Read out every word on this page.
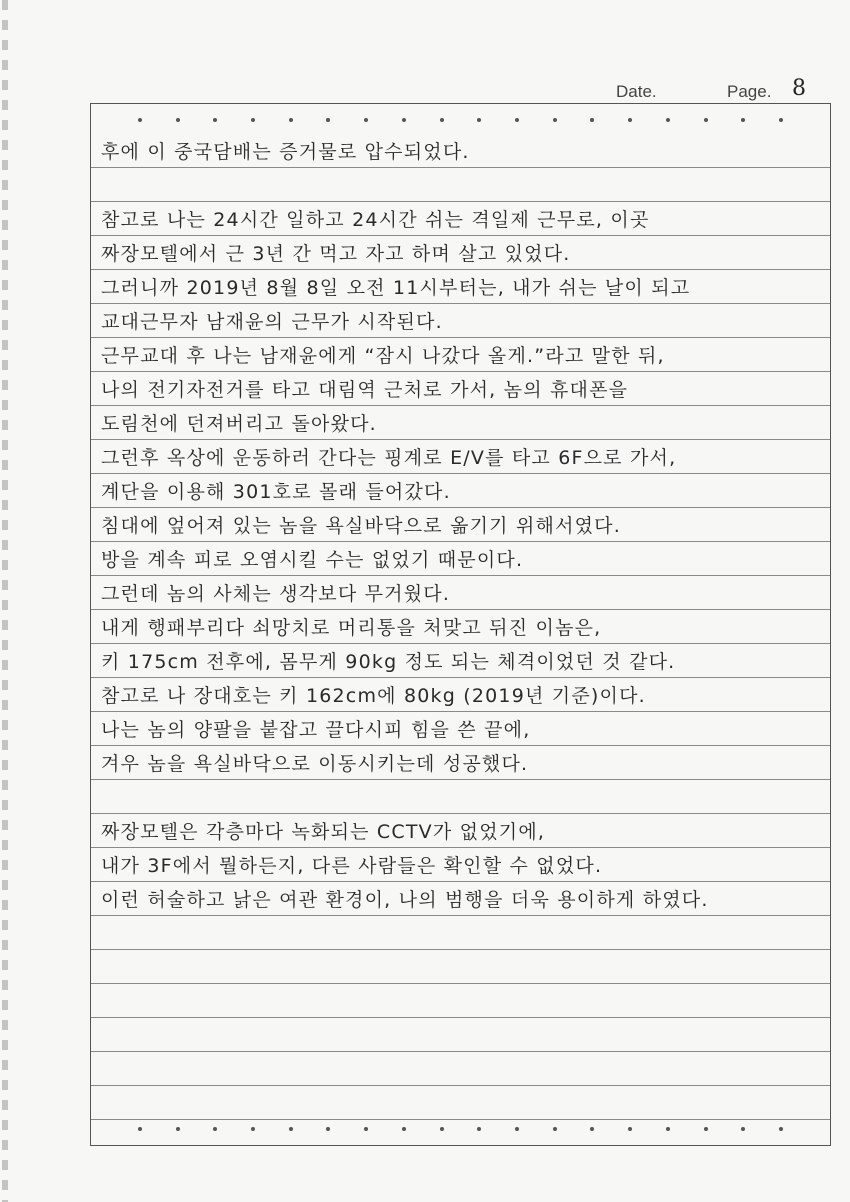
Date.	Page. 8
후에 이 중국담배는 증거물로 압수되었다.
참고로 나는 24시간 일하고 24시간 쉬는 격일제 근무로, 이곳
짜장모텔에서 근 3년 간 먹고 자고 하며 살고 있었다.
그러니까 2019년 8월 8일 오전 11시부터는, 내가 쉬는 날이 되고
교대근무자 남재윤의 근무가 시작된다.
근무교대 후 나는 남재윤에게 “잠시 나갔다 올게.”라고 말한 뒤,
나의 전기자전거를 타고 대림역 근처로 가서, 놈의 휴대폰을
도림천에 던져버리고 돌아왔다.
그런후 옥상에 운동하러 간다는 핑계로 E/V를 타고 6F으로 가서,
계단을 이용해 301호로 몰래 들어갔다.
침대에 엎어져 있는 놈을 욕실바닥으로 옮기기 위해서였다.
방을 계속 피로 오염시킬 수는 없었기 때문이다.
그런데 놈의 사체는 생각보다 무거웠다.
내게 행패부리다 쇠망치로 머리통을 처맞고 뒤진 이놈은,
키 175cm 전후에, 몸무게 90kg 정도 되는 체격이었던 것 같다.
참고로 나 장대호는 키 162cm에 80kg (2019년 기준)이다.
나는 놈의 양팔을 붙잡고 끌다시피 힘을 쓴 끝에,
겨우 놈을 욕실바닥으로 이동시키는데 성공했다.
짜장모텔은 각층마다 녹화되는 CCTV가 없었기에,
내가 3F에서 뭘하든지, 다른 사람들은 확인할 수 없었다.
이런 허술하고 낡은 여관 환경이, 나의 범행을 더욱 용이하게 하였다.
